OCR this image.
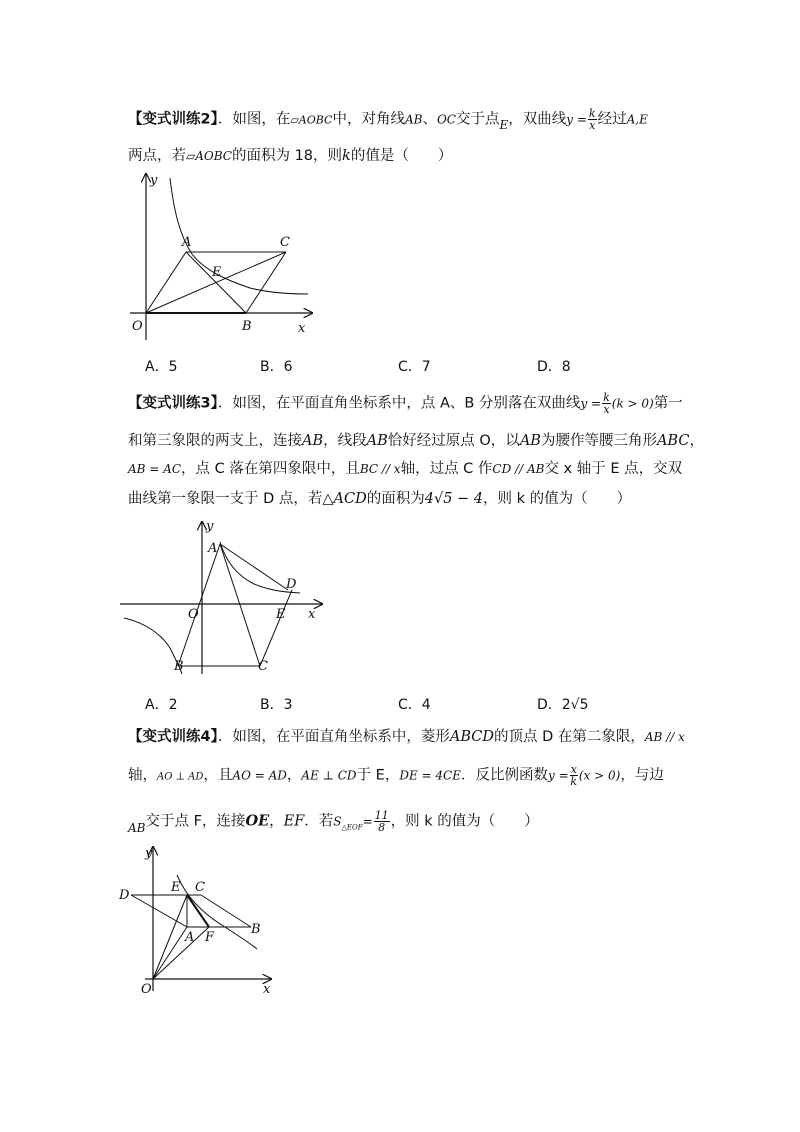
【变式训练2】．如图，在▱AOBC中，对角线AB、OC交于点$_E$，双曲线$y = \frac{k}{x}$ 经过A,E
两点，若▱AOBC的面积为 18，则k的值是（　　）
y
A	C
E
O	B	x
A．5	B．6	C．7	D．8
【变式训练3】．如图，在平面直角坐标系中，点 A、B 分别落在双曲线$y = \frac{k}{x} (k > 0)$第一
和第三象限的两支上，连接AB，线段AB恰好经过原点 O，以AB为腰作等腰三角形ABC，
AB = AC，点 C 落在第四象限中，且BC // x轴，过点 C 作CD // AB交 x 轴于 E 点，交双
曲线第一象限一支于 D 点，若△ACD的面积为4√5 − 4，则 k 的值为（　　）
y
A
D
O	E x
B	C
A．2	B．3	C．4	D．2√5
【变式训练4】．如图，在平面直角坐标系中，菱形ABCD的顶点 D 在第二象限，AB // x
轴，AO ⊥ AD，且AO = AD，AE ⊥ CD于 E，DE = 4CE．反比例函数$y = \frac{x}{k} (x > 0)$，与边
$_{AB}$交于点 F，连接OE，EF．若$S_{\triangle EOF}= \frac{11}{8}$ ，则 k 的值为（　　）
y
E C
D
A F
B
O	x
